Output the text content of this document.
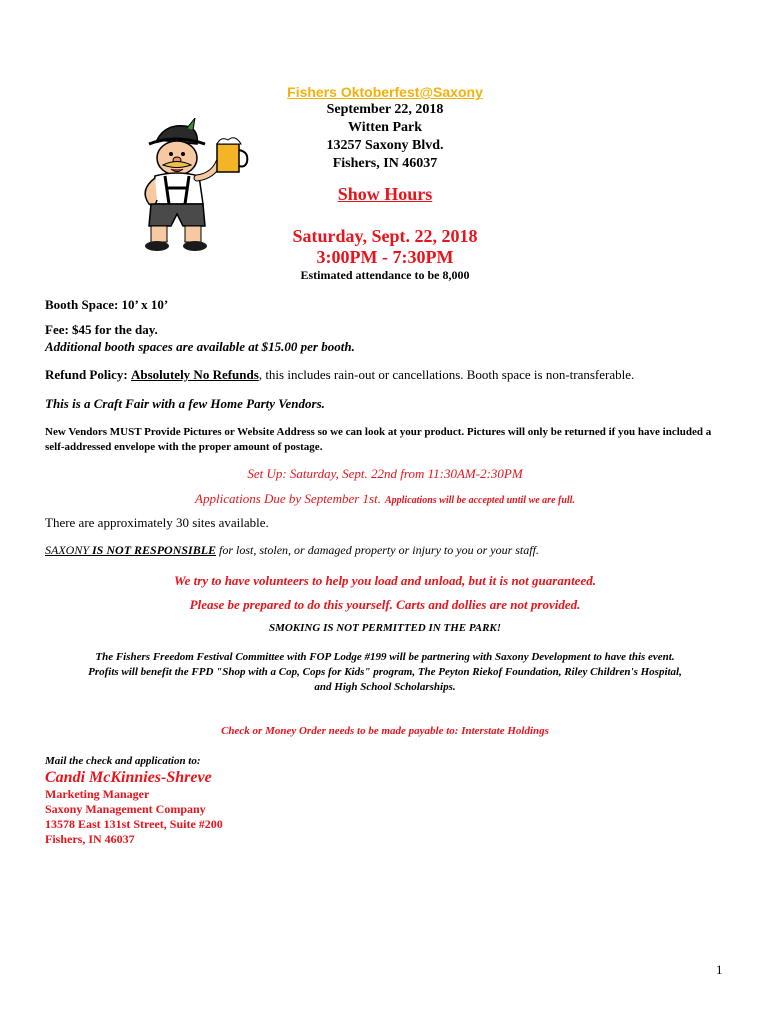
Fishers Oktoberfest@Saxony
September 22, 2018
Witten Park
13257 Saxony Blvd.
Fishers, IN 46037
Show Hours
Saturday, Sept. 22, 2018
3:00PM - 7:30PM
Estimated attendance to be 8,000
Booth Space: 10’ x 10’
Fee: $45 for the day.
Additional booth spaces are available at $15.00 per booth.
Refund Policy: Absolutely No Refunds, this includes rain-out or cancellations. Booth space is non-transferable.
This is a Craft Fair with a few Home Party Vendors.
New Vendors MUST Provide Pictures or Website Address so we can look at your product. Pictures will only be returned if you have included a self-addressed envelope with the proper amount of postage.
Set Up: Saturday, Sept. 22nd from 11:30AM-2:30PM
Applications Due by September 1st. Applications will be accepted until we are full.
There are approximately 30 sites available.
SAXONY IS NOT RESPONSIBLE for lost, stolen, or damaged property or injury to you or your staff.
We try to have volunteers to help you load and unload, but it is not guaranteed.
Please be prepared to do this yourself. Carts and dollies are not provided.
SMOKING IS NOT PERMITTED IN THE PARK!
The Fishers Freedom Festival Committee with FOP Lodge #199 will be partnering with Saxony Development to have this event.
Profits will benefit the FPD "Shop with a Cop, Cops for Kids" program, The Peyton Riekof Foundation, Riley Children's Hospital,
and High School Scholarships.
Check or Money Order needs to be made payable to: Interstate Holdings
Mail the check and application to:
Candi McKinnies-Shreve
Marketing Manager
Saxony Management Company
13578 East 131st Street, Suite #200
Fishers, IN 46037
1
